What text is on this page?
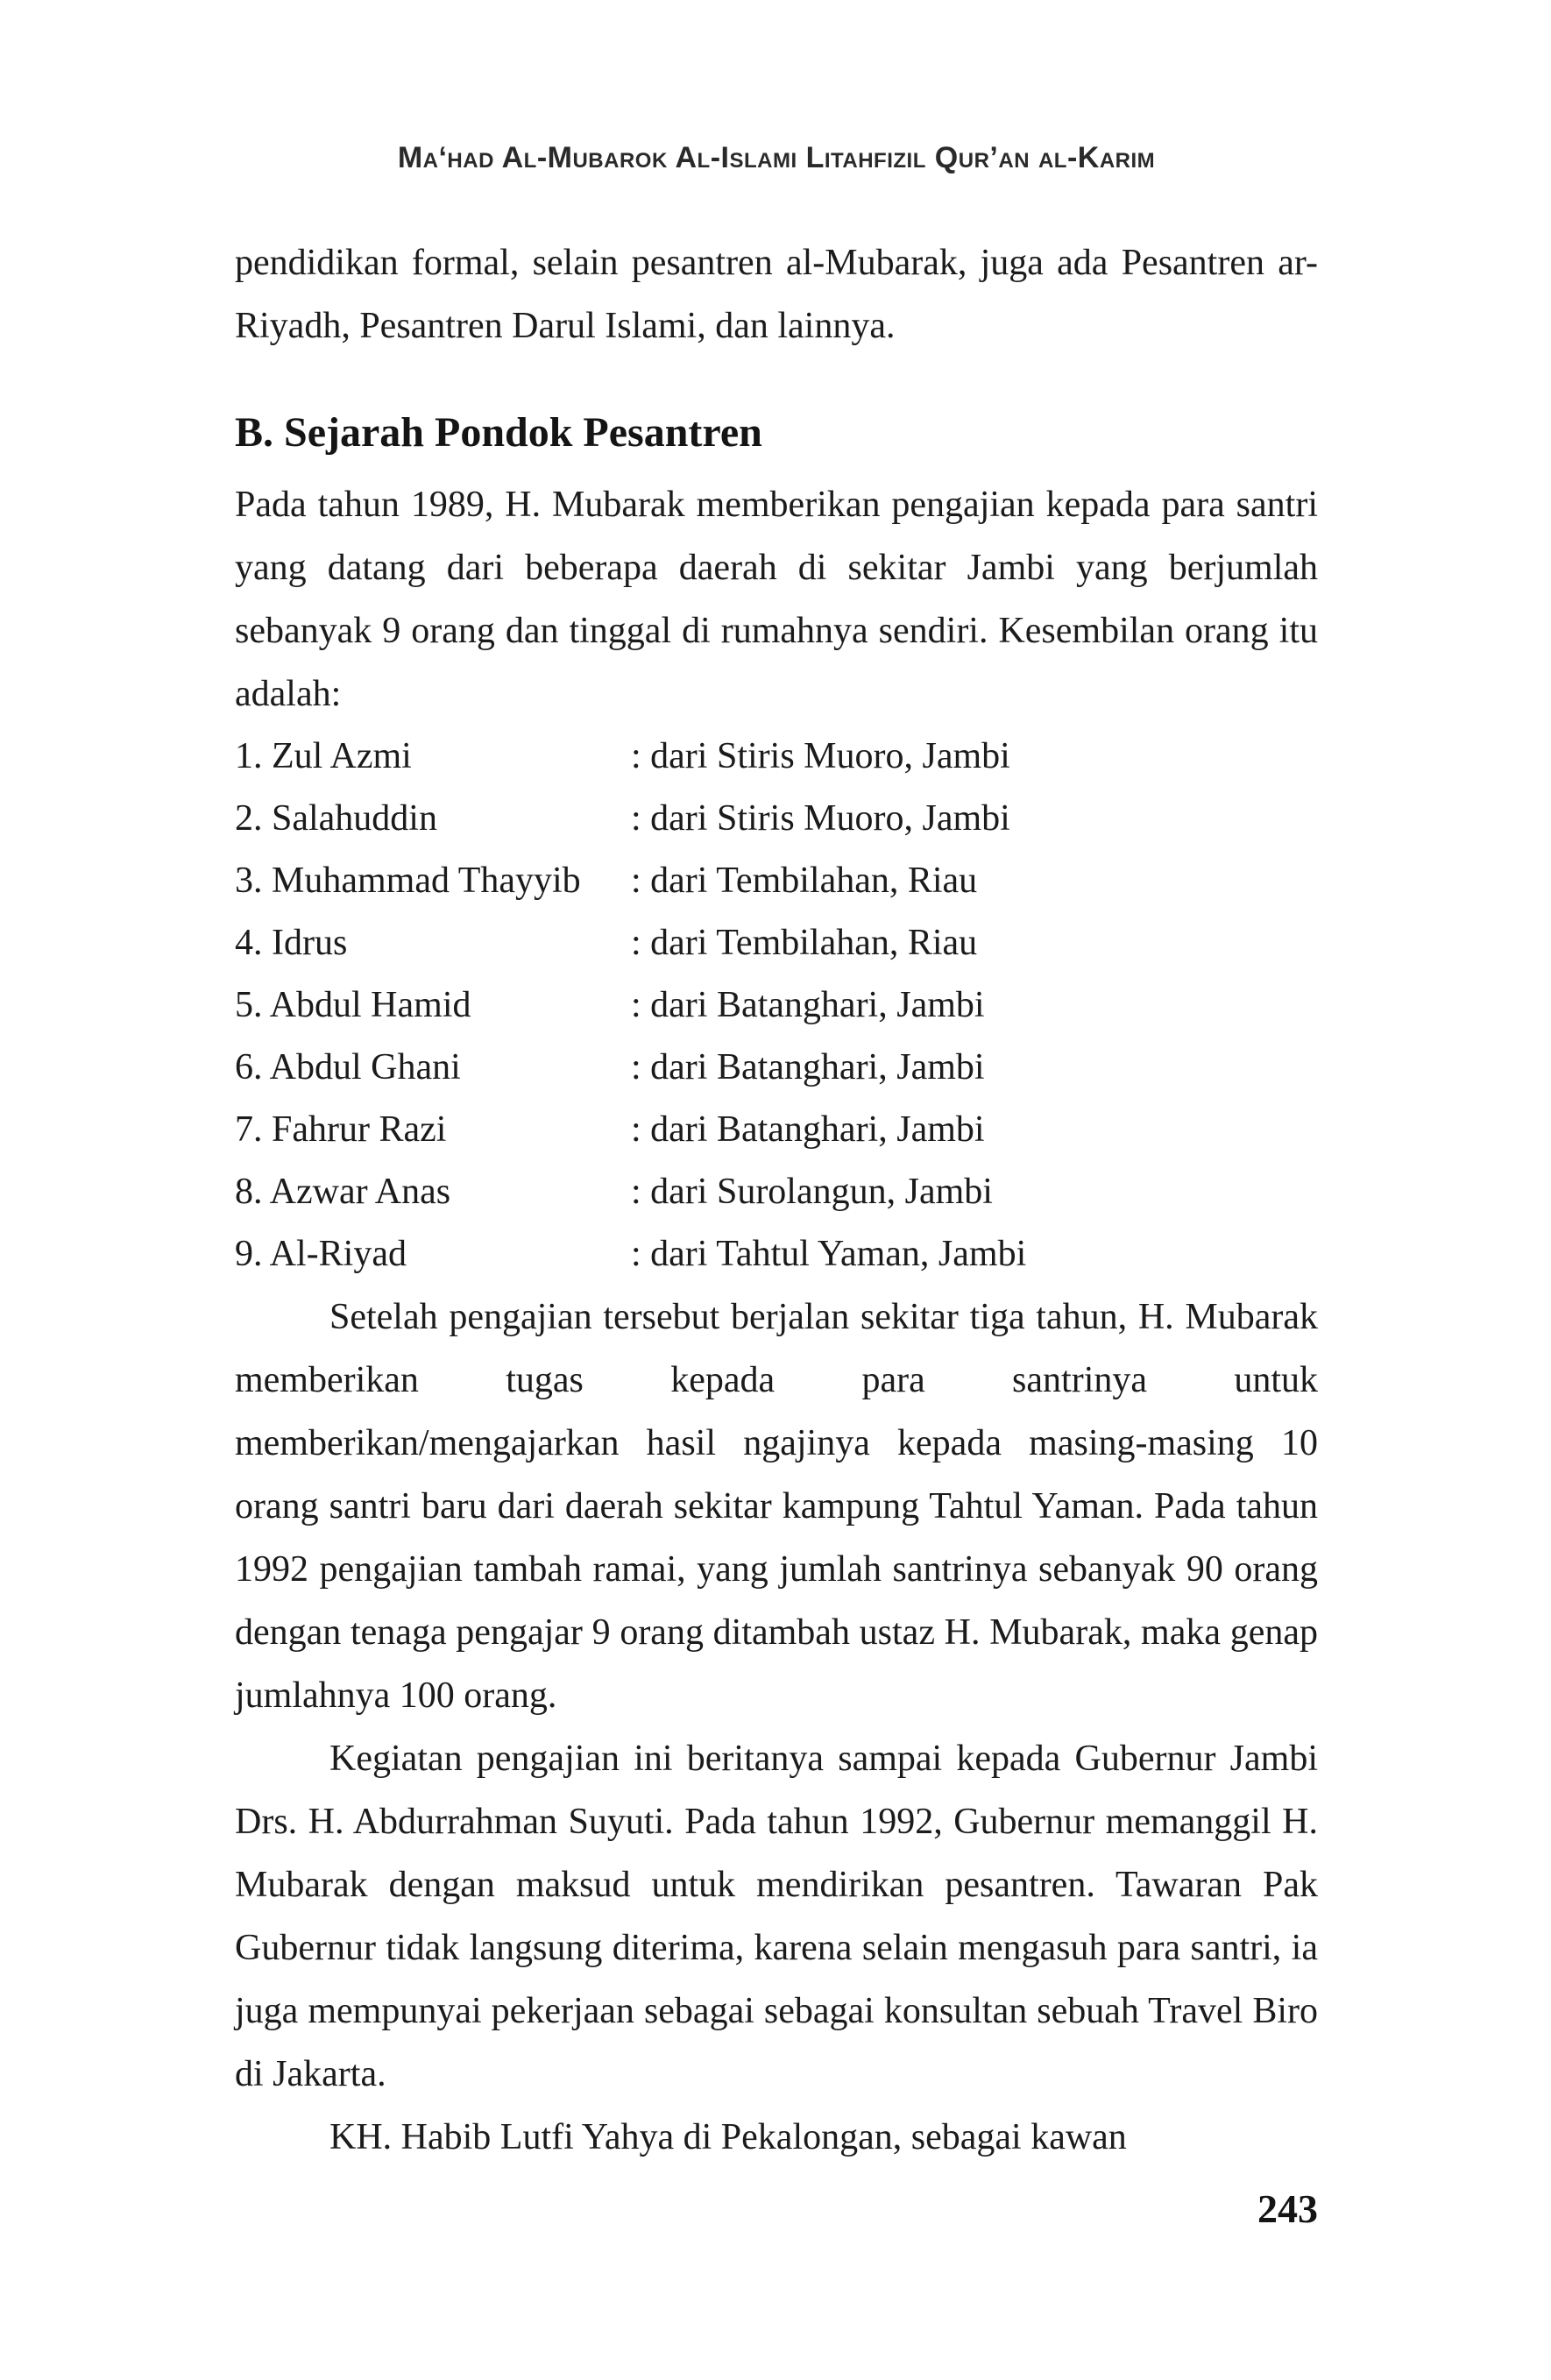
Ma‘had Al-Mubarok Al-Islami Litahfizil Qur’an al-Karim

pendidikan formal, selain pesantren al-Mubarak, juga ada Pesantren ar-Riyadh, Pesantren Darul Islami, dan lainnya.

B. Sejarah Pondok Pesantren

Pada tahun 1989, H. Mubarak memberikan pengajian kepada para santri yang datang dari beberapa daerah di sekitar Jambi yang berjumlah sebanyak 9 orang dan tinggal di rumahnya sendiri. Kesembilan orang itu adalah:

1. Zul Azmi	: dari Stiris Muoro, Jambi
2. Salahuddin	: dari Stiris Muoro, Jambi
3. Muhammad Thayyib	: dari Tembilahan, Riau
4. Idrus	: dari Tembilahan, Riau
5. Abdul Hamid	: dari Batanghari, Jambi
6. Abdul Ghani	: dari Batanghari, Jambi
7. Fahrur Razi	: dari Batanghari, Jambi
8. Azwar Anas	: dari Surolangun, Jambi
9. Al-Riyad	: dari Tahtul Yaman, Jambi

Setelah pengajian tersebut berjalan sekitar tiga tahun, H. Mubarak memberikan tugas kepada para santrinya untuk memberikan/mengajarkan hasil ngajinya kepada masing-masing 10 orang santri baru dari daerah sekitar kampung Tahtul Yaman. Pada tahun 1992 pengajian tambah ramai, yang jumlah santrinya sebanyak 90 orang dengan tenaga pengajar 9 orang ditambah ustaz H. Mubarak, maka genap jumlahnya 100 orang.

Kegiatan pengajian ini beritanya sampai kepada Gubernur Jambi Drs. H. Abdurrahman Suyuti. Pada tahun 1992, Gubernur memanggil H. Mubarak dengan maksud untuk mendirikan pesantren. Tawaran Pak Gubernur tidak langsung diterima, karena selain mengasuh para santri, ia juga mempunyai pekerjaan sebagai sebagai konsultan sebuah Travel Biro di Jakarta.

KH. Habib Lutfi Yahya di Pekalongan, sebagai kawan

243
